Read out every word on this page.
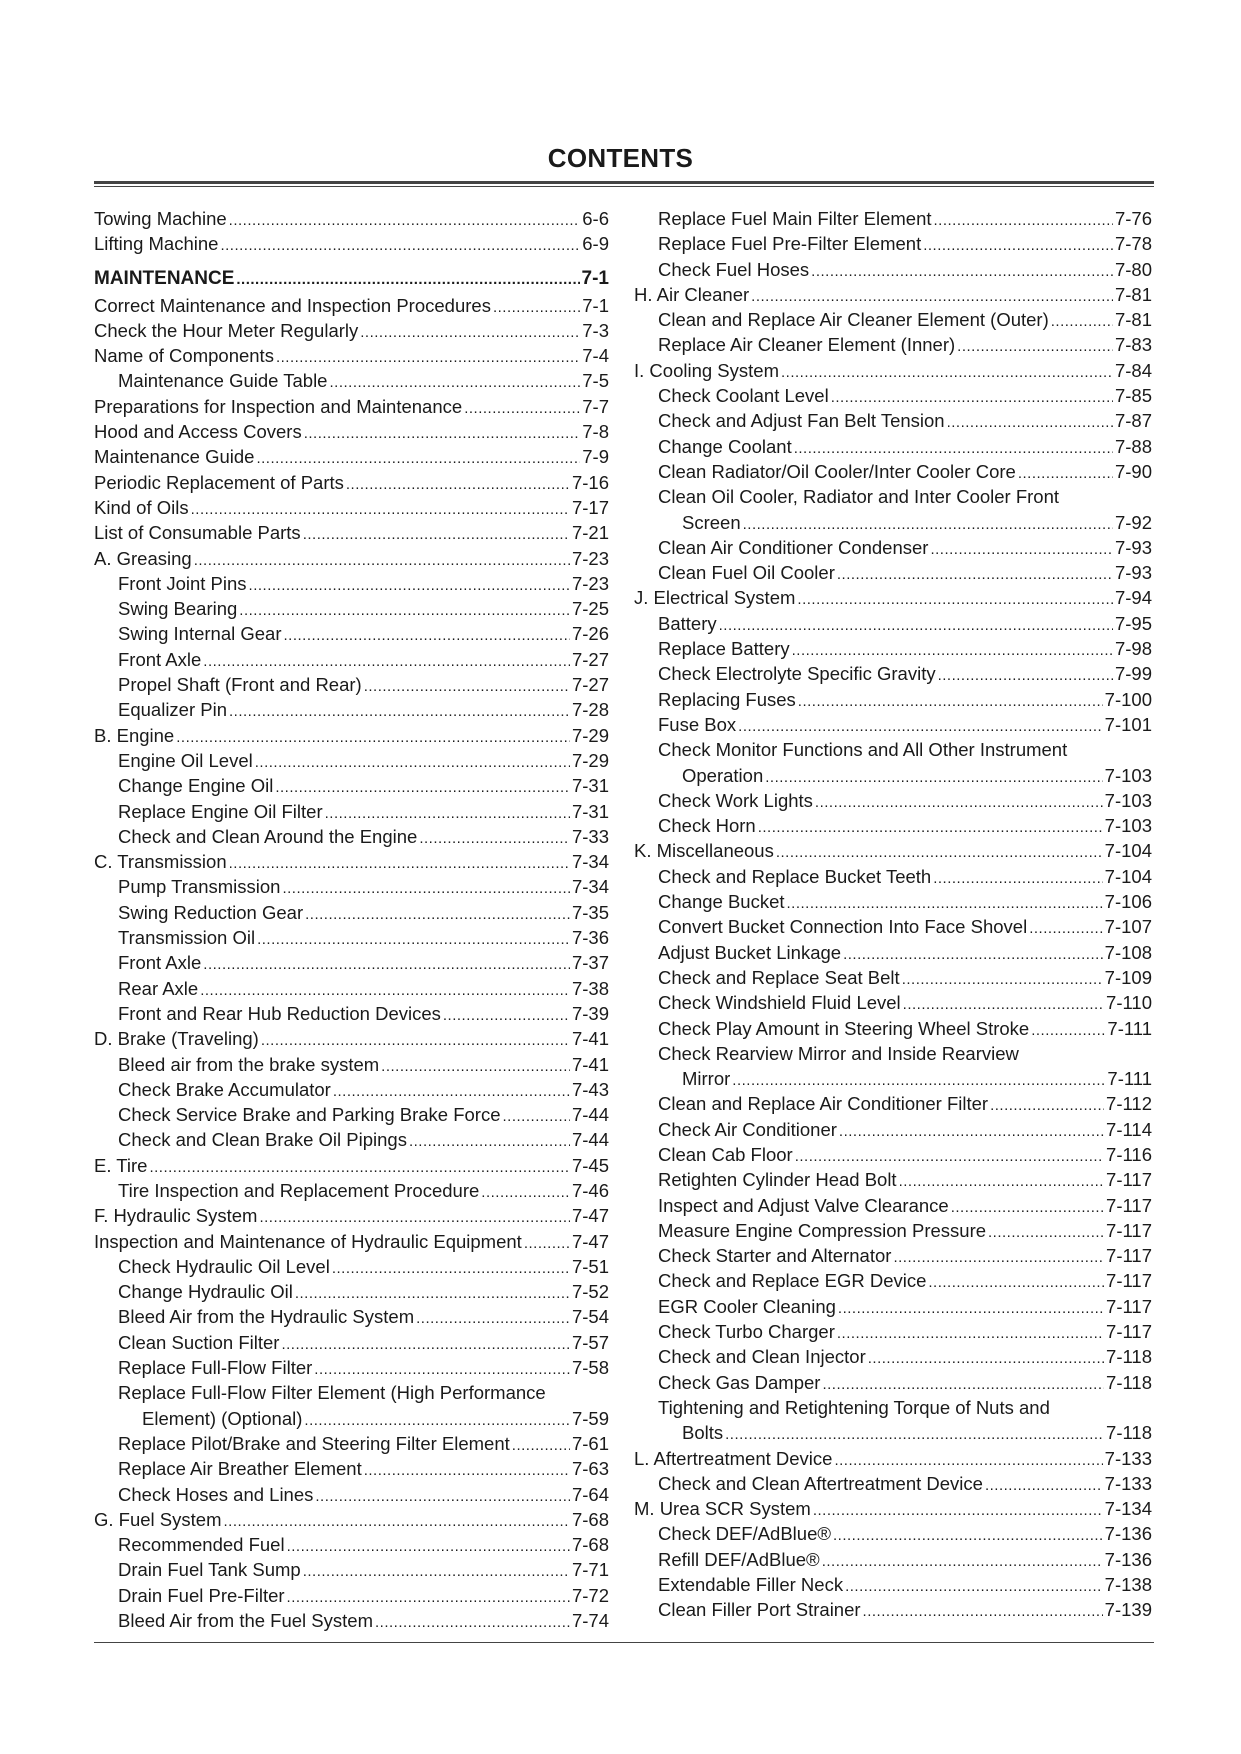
CONTENTS
Towing Machine .....	6-6
Lifting Machine .....	6-9
MAINTENANCE .....	7-1
Correct Maintenance and Inspection Procedures .....	7-1
Check the Hour Meter Regularly .....	7-3
Name of Components .....	7-4
Maintenance Guide Table .....	7-5
Preparations for Inspection and Maintenance .....	7-7
Hood and Access Covers .....	7-8
Maintenance Guide .....	7-9
Periodic Replacement of Parts .....	7-16
Kind of Oils .....	7-17
List of Consumable Parts .....	7-21
A. Greasing .....	7-23
Front Joint Pins .....	7-23
Swing Bearing .....	7-25
Swing Internal Gear .....	7-26
Front Axle .....	7-27
Propel Shaft (Front and Rear) .....	7-27
Equalizer Pin .....	7-28
B. Engine .....	7-29
Engine Oil Level .....	7-29
Change Engine Oil .....	7-31
Replace Engine Oil Filter .....	7-31
Check and Clean Around the Engine .....	7-33
C. Transmission .....	7-34
Pump Transmission .....	7-34
Swing Reduction Gear .....	7-35
Transmission Oil .....	7-36
Front Axle .....	7-37
Rear Axle .....	7-38
Front and Rear Hub Reduction Devices .....	7-39
D. Brake (Traveling) .....	7-41
Bleed air from the brake system .....	7-41
Check Brake Accumulator .....	7-43
Check Service Brake and Parking Brake Force .....	7-44
Check and Clean Brake Oil Pipings .....	7-44
E. Tire .....	7-45
Tire Inspection and Replacement Procedure .....	7-46
F. Hydraulic System .....	7-47
Inspection and Maintenance of Hydraulic Equipment .....	7-47
Check Hydraulic Oil Level .....	7-51
Change Hydraulic Oil .....	7-52
Bleed Air from the Hydraulic System .....	7-54
Clean Suction Filter .....	7-57
Replace Full-Flow Filter .....	7-58
Replace Full-Flow Filter Element (High Performance
Element) (Optional) .....	7-59
Replace Pilot/Brake and Steering Filter Element .....	7-61
Replace Air Breather Element .....	7-63
Check Hoses and Lines .....	7-64
G. Fuel System .....	7-68
Recommended Fuel .....	7-68
Drain Fuel Tank Sump .....	7-71
Drain Fuel Pre-Filter .....	7-72
Bleed Air from the Fuel System .....	7-74
Replace Fuel Main Filter Element .....	7-76
Replace Fuel Pre-Filter Element .....	7-78
Check Fuel Hoses .....	7-80
H. Air Cleaner .....	7-81
Clean and Replace Air Cleaner Element (Outer) .....	7-81
Replace Air Cleaner Element (Inner) .....	7-83
I. Cooling System .....	7-84
Check Coolant Level .....	7-85
Check and Adjust Fan Belt Tension .....	7-87
Change Coolant .....	7-88
Clean Radiator/Oil Cooler/Inter Cooler Core .....	7-90
Clean Oil Cooler, Radiator and Inter Cooler Front
Screen .....	7-92
Clean Air Conditioner Condenser .....	7-93
Clean Fuel Oil Cooler .....	7-93
J. Electrical System .....	7-94
Battery .....	7-95
Replace Battery .....	7-98
Check Electrolyte Specific Gravity .....	7-99
Replacing Fuses .....	7-100
Fuse Box .....	7-101
Check Monitor Functions and All Other Instrument
Operation .....	7-103
Check Work Lights .....	7-103
Check Horn .....	7-103
K. Miscellaneous .....	7-104
Check and Replace Bucket Teeth .....	7-104
Change Bucket .....	7-106
Convert Bucket Connection Into Face Shovel .....	7-107
Adjust Bucket Linkage .....	7-108
Check and Replace Seat Belt .....	7-109
Check Windshield Fluid Level .....	7-110
Check Play Amount in Steering Wheel Stroke .....	7-111
Check Rearview Mirror and Inside Rearview
Mirror .....	7-111
Clean and Replace Air Conditioner Filter .....	7-112
Check Air Conditioner .....	7-114
Clean Cab Floor .....	7-116
Retighten Cylinder Head Bolt .....	7-117
Inspect and Adjust Valve Clearance .....	7-117
Measure Engine Compression Pressure .....	7-117
Check Starter and Alternator .....	7-117
Check and Replace EGR Device .....	7-117
EGR Cooler Cleaning .....	7-117
Check Turbo Charger .....	7-117
Check and Clean Injector .....	7-118
Check Gas Damper .....	7-118
Tightening and Retightening Torque of Nuts and
Bolts .....	7-118
L. Aftertreatment Device .....	7-133
Check and Clean Aftertreatment Device .....	7-133
M. Urea SCR System .....	7-134
Check DEF/AdBlue® .....	7-136
Refill DEF/AdBlue® .....	7-136
Extendable Filler Neck .....	7-138
Clean Filler Port Strainer .....	7-139
